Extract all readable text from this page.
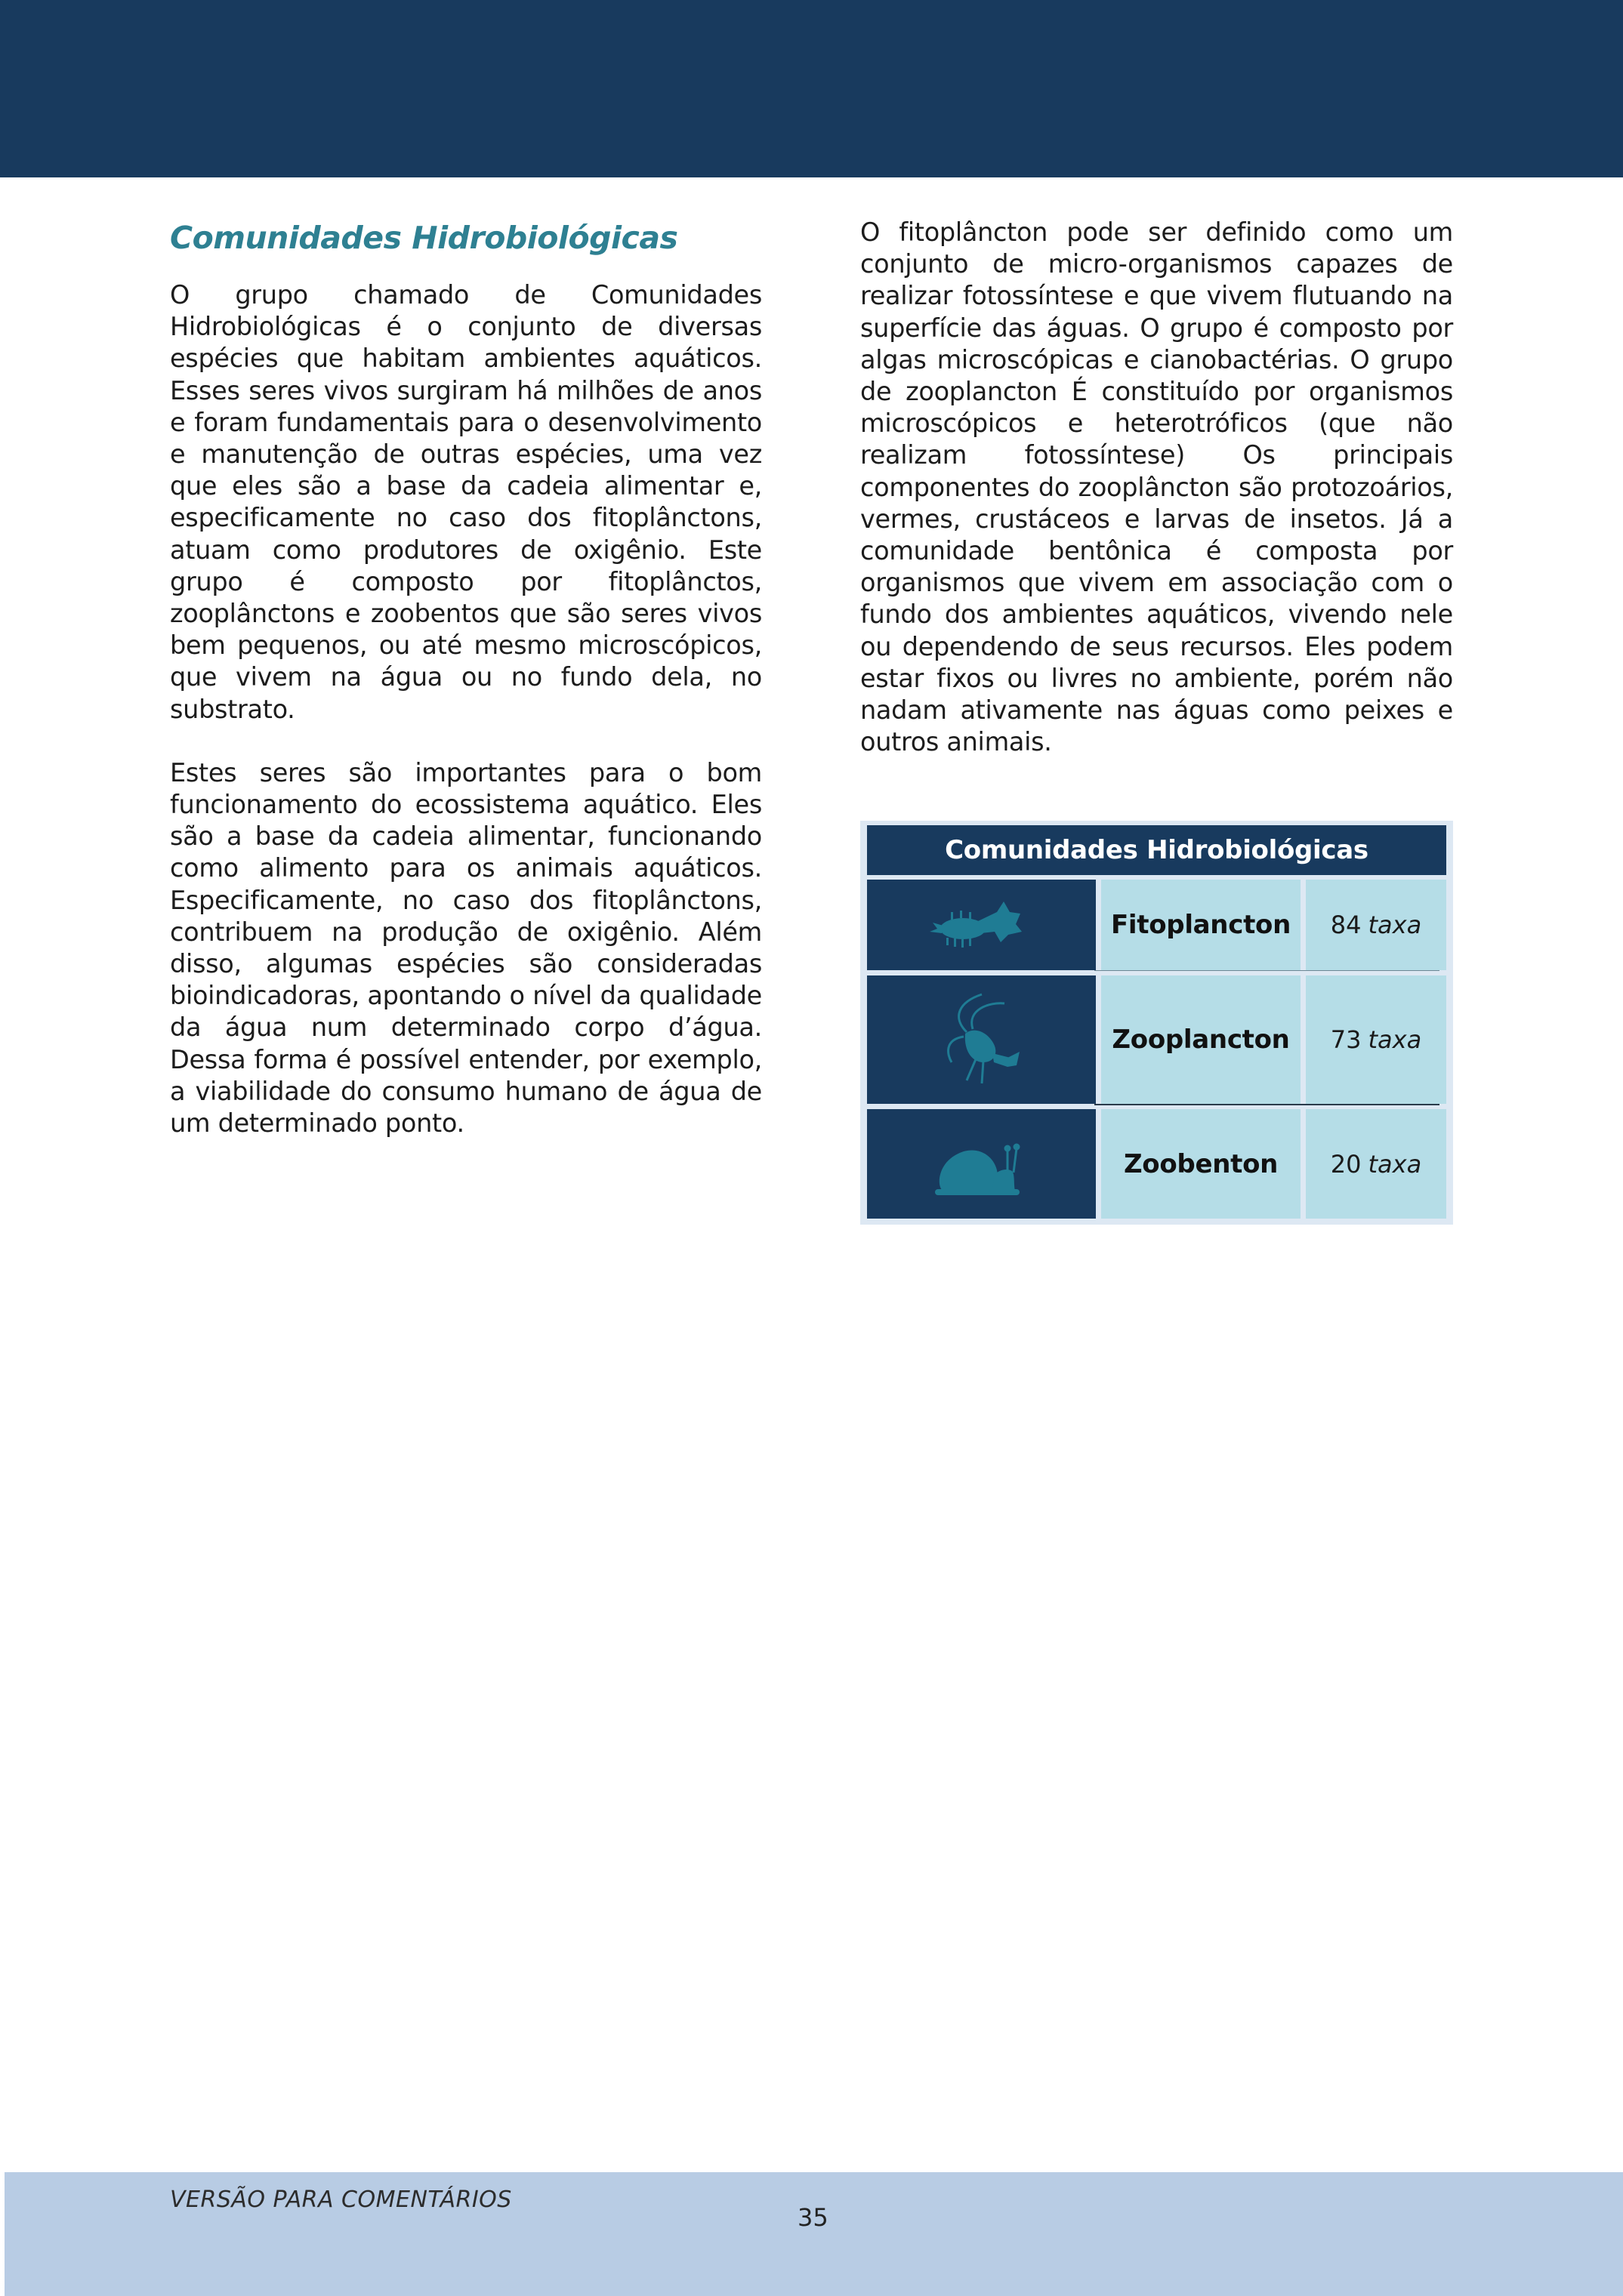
Comunidades Hidrobiológicas

O grupo chamado de Comunidades Hidrobiológicas é o conjunto de diversas espécies que habitam ambientes aquáticos. Esses seres vivos surgiram há milhões de anos e foram fundamentais para o desenvolvimento e manutenção de outras espécies, uma vez que eles são a base da cadeia alimentar e, especificamente no caso dos fitoplânctons, atuam como produtores de oxigênio. Este grupo é composto por fitoplânctos, zooplânctons e zoobentos que são seres vivos bem pequenos, ou até mesmo microscópicos, que vivem na água ou no fundo dela, no substrato.

Estes seres são importantes para o bom funcionamento do ecossistema aquático. Eles são a base da cadeia alimentar, funcionando como alimento para os animais aquáticos. Especificamente, no caso dos fitoplânctons, contribuem na produção de oxigênio. Além disso, algumas espécies são consideradas bioindicadoras, apontando o nível da qualidade da água num determinado corpo d’água. Dessa forma é possível entender, por exemplo, a viabilidade do consumo humano de água de um determinado ponto.

O fitoplâncton pode ser definido como um conjunto de micro-organismos capazes de realizar fotossíntese e que vivem flutuando na superfície das águas. O grupo é composto por algas microscópicas e cianobactérias. O grupo de zooplancton É constituído por organismos microscópicos e heterotróficos (que não realizam fotossíntese) Os principais componentes do zooplâncton são protozoários, vermes, crustáceos e larvas de insetos. Já a comunidade bentônica é composta por organismos que vivem em associação com o fundo dos ambientes aquáticos, vivendo nele ou dependendo de seus recursos. Eles podem estar fixos ou livres no ambiente, porém não nadam ativamente nas águas como peixes e outros animais.

Comunidades Hidrobiológicas
Fitoplancton	84 taxa
Zooplancton	73 taxa
Zoobenton	20 taxa
VERSÃO PARA COMENTÁRIOS
35
